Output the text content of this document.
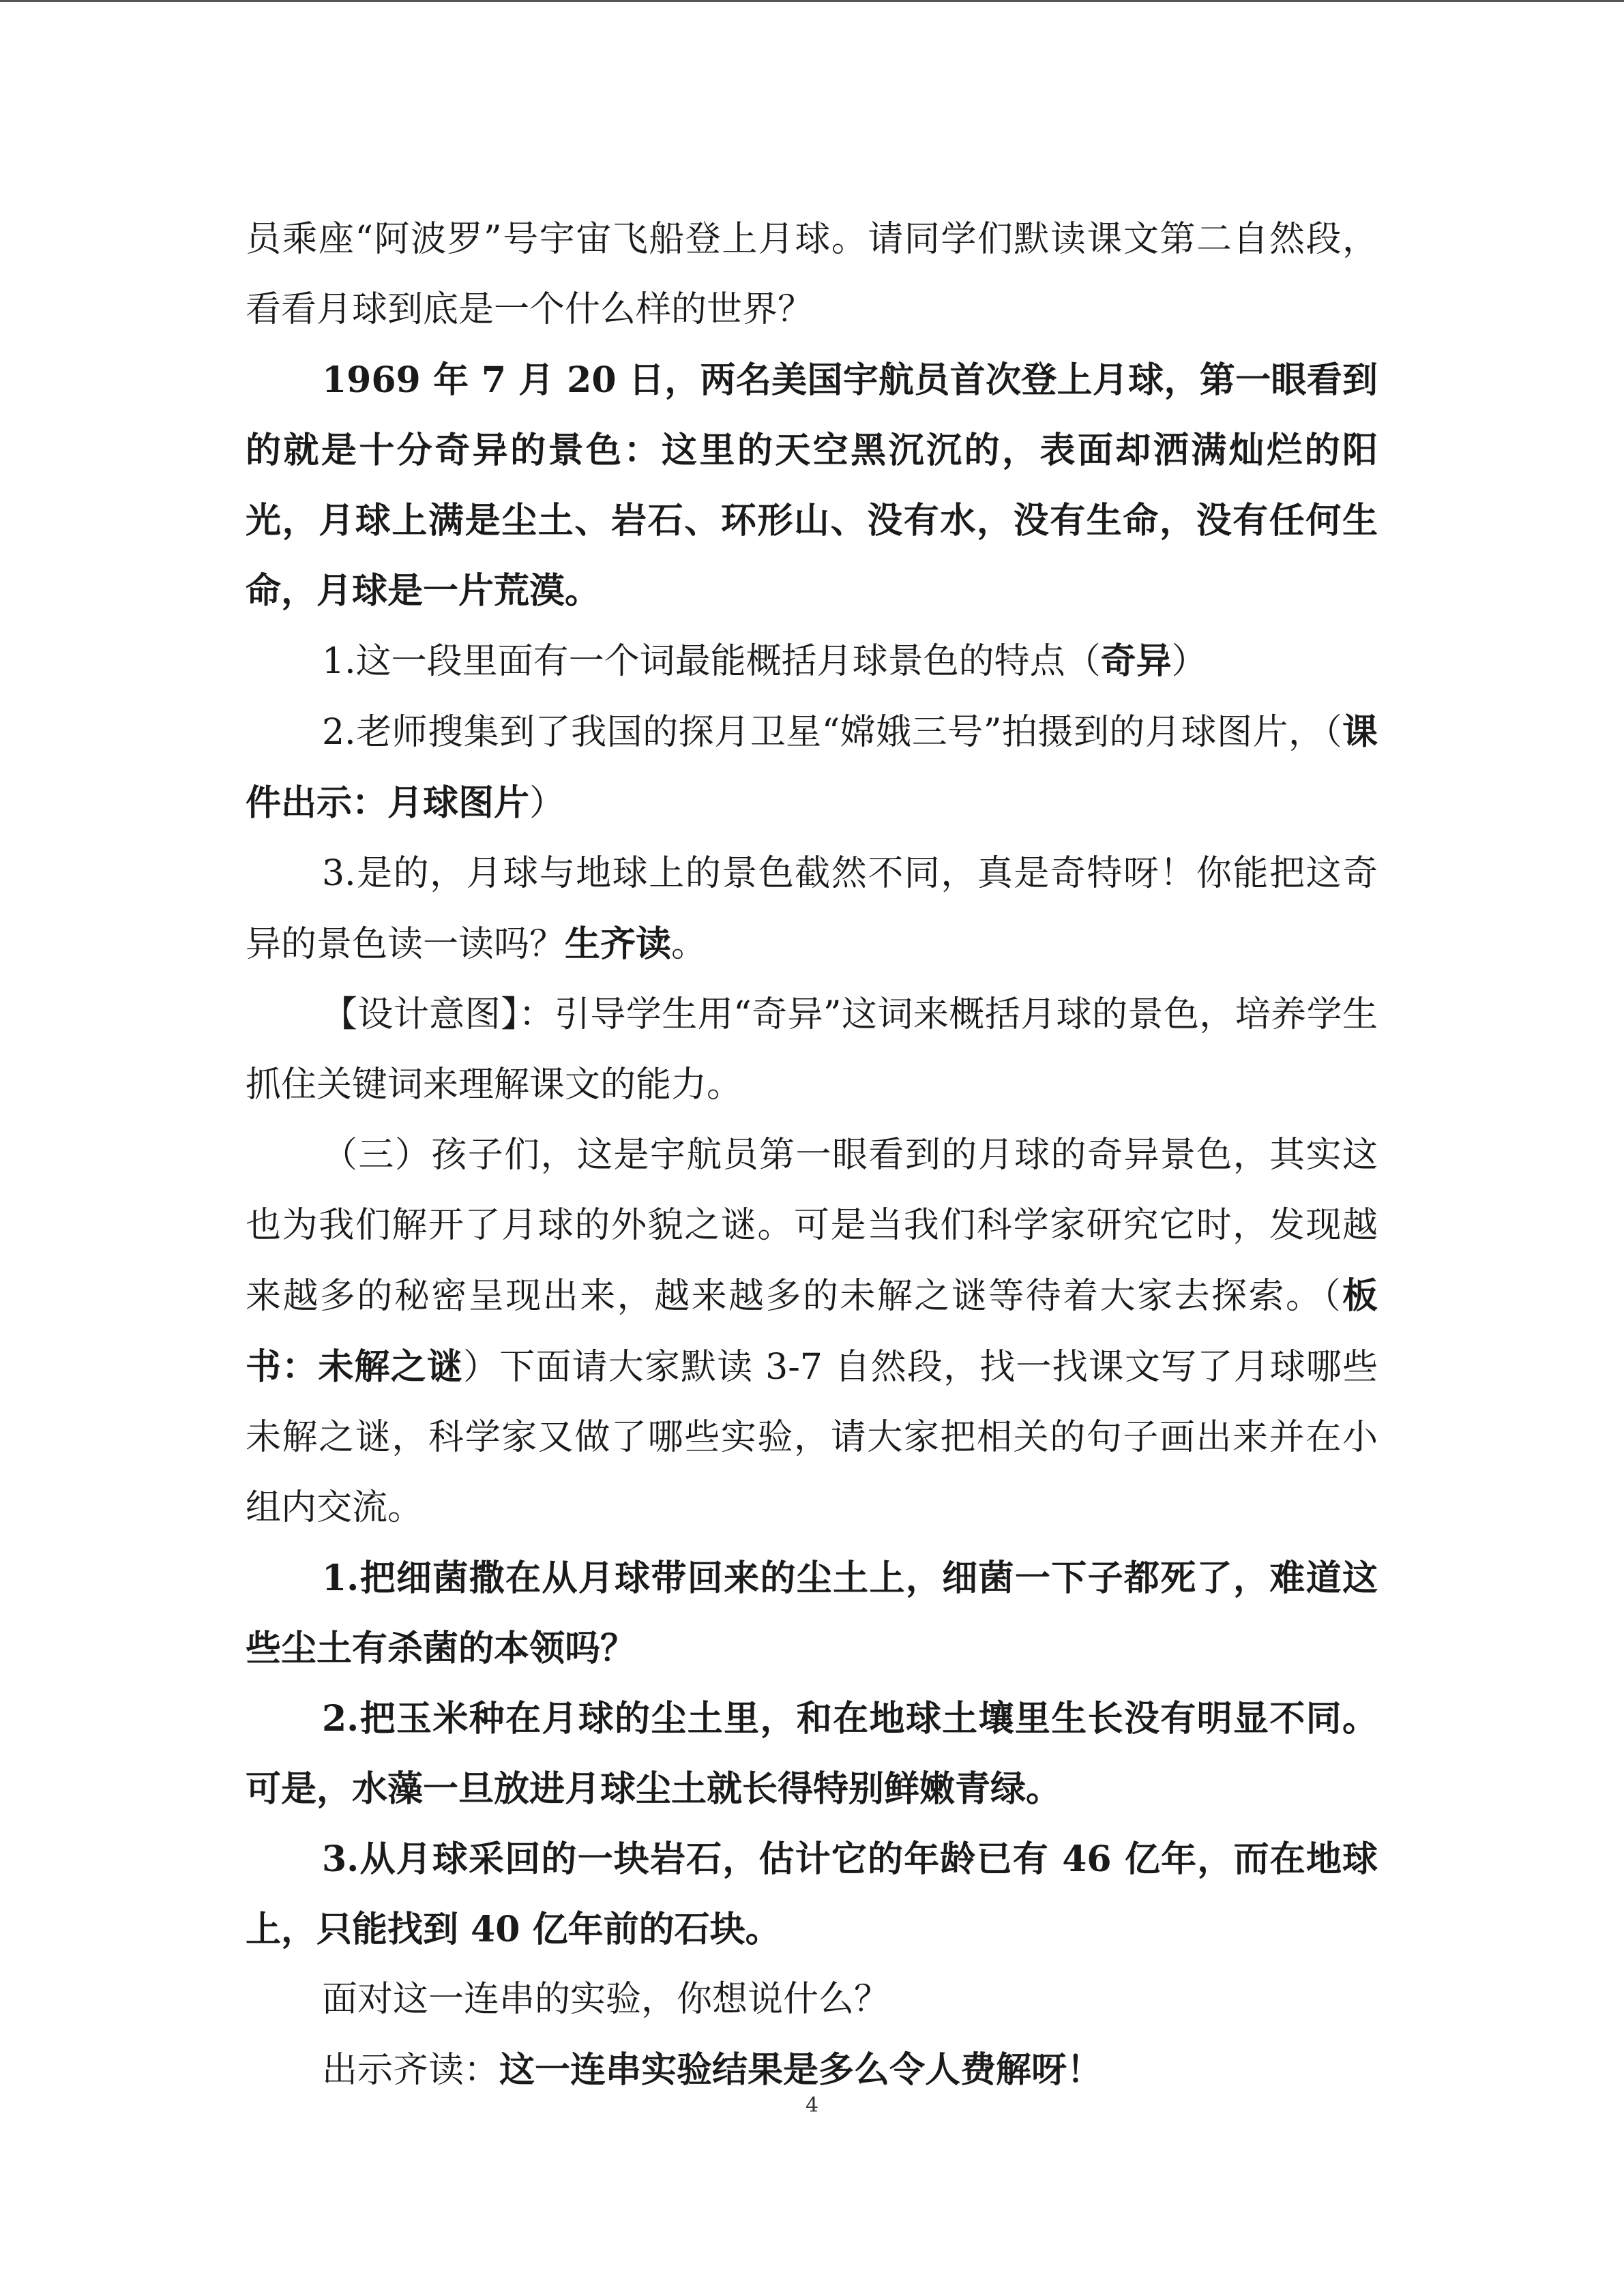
员乘座“阿波罗”号宇宙飞船登上月球。请同学们默读课文第二自然段，看看月球到底是一个什么样的世界？

1969 年 7 月 20 日，两名美国宇航员首次登上月球，第一眼看到的就是十分奇异的景色：这里的天空黑沉沉的，表面却洒满灿烂的阳光，月球上满是尘土、岩石、环形山、没有水，没有生命，没有任何生命，月球是一片荒漠。

1.这一段里面有一个词最能概括月球景色的特点（奇异）

2.老师搜集到了我国的探月卫星“嫦娥三号”拍摄到的月球图片，（课件出示：月球图片）

3.是的，月球与地球上的景色截然不同，真是奇特呀！你能把这奇异的景色读一读吗？生齐读。

【设计意图】：引导学生用“奇异”这词来概括月球的景色，培养学生抓住关键词来理解课文的能力。

（三）孩子们，这是宇航员第一眼看到的月球的奇异景色，其实这也为我们解开了月球的外貌之谜。可是当我们科学家研究它时，发现越来越多的秘密呈现出来，越来越多的未解之谜等待着大家去探索。（板书：未解之谜）下面请大家默读 3-7 自然段，找一找课文写了月球哪些未解之谜，科学家又做了哪些实验，请大家把相关的句子画出来并在小组内交流。

1.把细菌撒在从月球带回来的尘土上，细菌一下子都死了，难道这些尘土有杀菌的本领吗？

2.把玉米种在月球的尘土里，和在地球土壤里生长没有明显不同。可是，水藻一旦放进月球尘土就长得特别鲜嫩青绿。

3.从月球采回的一块岩石，估计它的年龄已有 46 亿年，而在地球上，只能找到 40 亿年前的石块。

面对这一连串的实验，你想说什么？

出示齐读：这一连串实验结果是多么令人费解呀！

4
